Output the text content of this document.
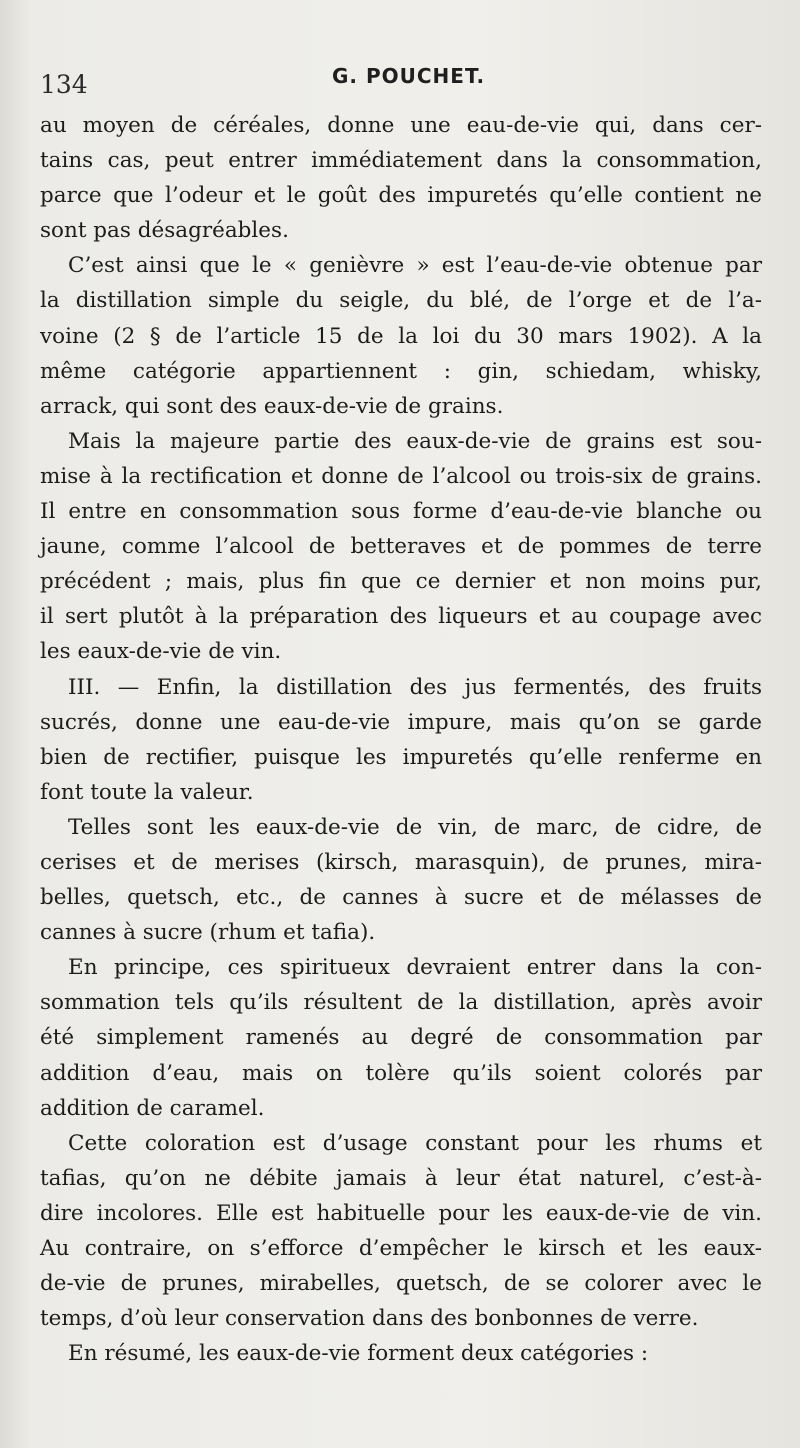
134	G. POUCHET.

au moyen de céréales, donne une eau-de-vie qui, dans cer-
tains cas, peut entrer immédiatement dans la consommation,
parce que l’odeur et le goût des impuretés qu’elle contient ne
sont pas désagréables.

C’est ainsi que le « genièvre » est l’eau-de-vie obtenue par
la distillation simple du seigle, du blé, de l’orge et de l’a-
voine (2 § de l’article 15 de la loi du 30 mars 1902). A la
même catégorie appartiennent : gin, schiedam, whisky,
arrack, qui sont des eaux-de-vie de grains.

Mais la majeure partie des eaux-de-vie de grains est sou-
mise à la rectification et donne de l’alcool ou trois-six de grains.
Il entre en consommation sous forme d’eau-de-vie blanche ou
jaune, comme l’alcool de betteraves et de pommes de terre
précédent ; mais, plus fin que ce dernier et non moins pur,
il sert plutôt à la préparation des liqueurs et au coupage avec
les eaux-de-vie de vin.

III. — Enfin, la distillation des jus fermentés, des fruits
sucrés, donne une eau-de-vie impure, mais qu’on se garde
bien de rectifier, puisque les impuretés qu’elle renferme en
font toute la valeur.

Telles sont les eaux-de-vie de vin, de marc, de cidre, de
cerises et de merises (kirsch, marasquin), de prunes, mira-
belles, quetsch, etc., de cannes à sucre et de mélasses de
cannes à sucre (rhum et tafia).

En principe, ces spiritueux devraient entrer dans la con-
sommation tels qu’ils résultent de la distillation, après avoir
été simplement ramenés au degré de consommation par
addition d’eau, mais on tolère qu’ils soient colorés par
addition de caramel.

Cette coloration est d’usage constant pour les rhums et
tafias, qu’on ne débite jamais à leur état naturel, c’est-à-
dire incolores. Elle est habituelle pour les eaux-de-vie de vin.
Au contraire, on s’efforce d’empêcher le kirsch et les eaux-
de-vie de prunes, mirabelles, quetsch, de se colorer avec le
temps, d’où leur conservation dans des bonbonnes de verre.

En résumé, les eaux-de-vie forment deux catégories :
